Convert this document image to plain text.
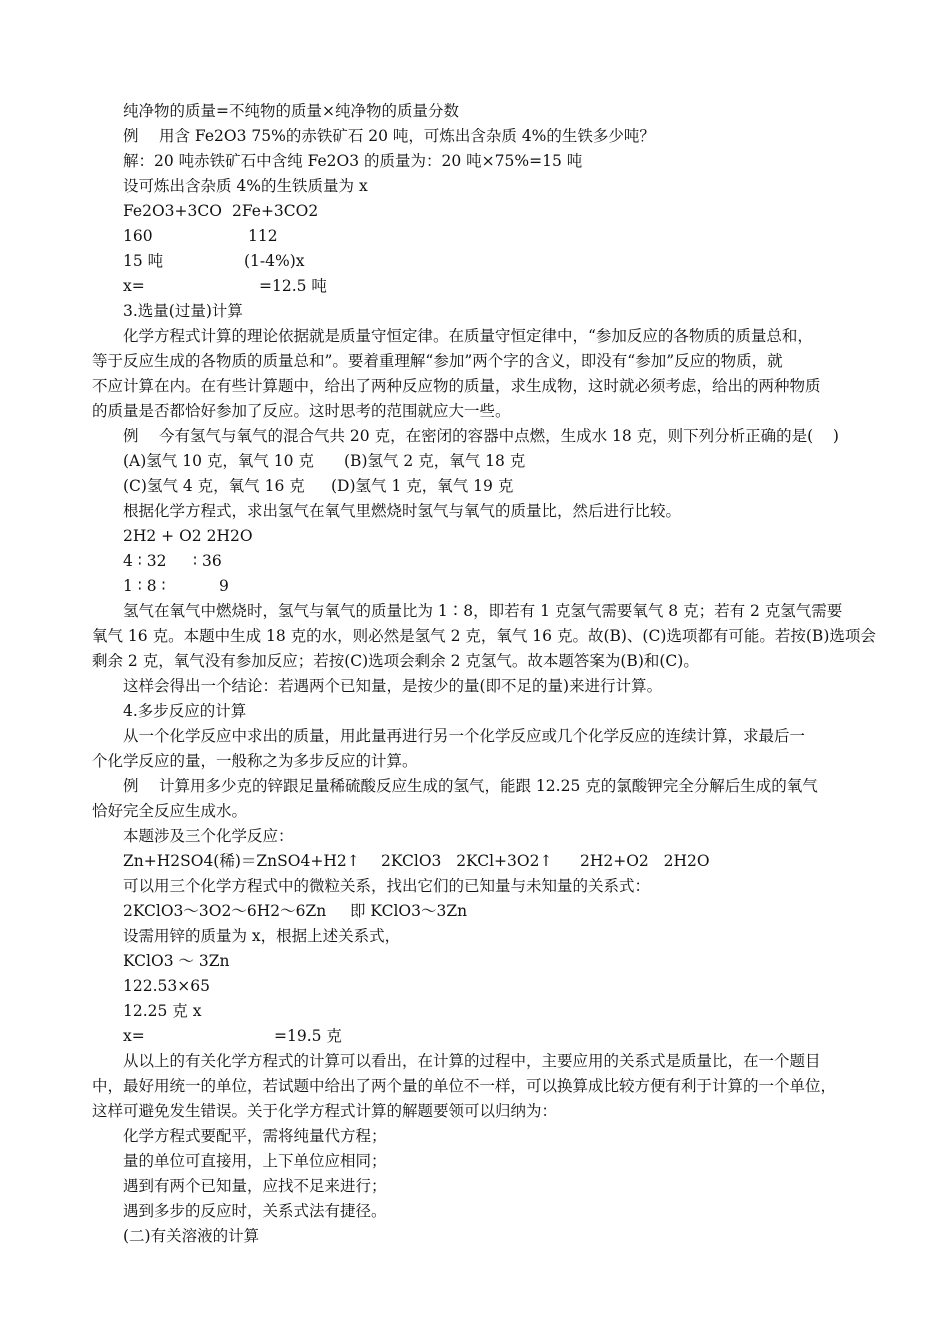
纯净物的质量=不纯物的质量×纯净物的质量分数

例

用含 Fe2O3 75%的赤铁矿石 20 吨，可炼出含杂质 4%的生铁多少吨？

解：20 吨赤铁矿石中含纯 Fe2O3 的质量为：20 吨×75%=15 吨
设可炼出含杂质 4%的生铁质量为 x

Fe2O3+3CO

2Fe+3CO2

160

	112

15 吨

	(1-4%)x

x=

	=12.5 吨

3.选量(过量)计算
化学方程式计算的理论依据就是质量守恒定律。在质量守恒定律中，“参加反应的各物质的质量总和，
等于反应生成的各物质的质量总和”。要着重理解“参加”两个字的含义，即没有“参加”反应的物质，就
不应计算在内。在有些计算题中，给出了两种反应物的质量，求生成物，这时就必须考虑，给出的两种物质
的质量是否都恰好参加了反应。这时思考的范围就应大一些。

例

今有氢气与氧气的混合气共 20 克，在密闭的容器中点燃，生成水 18 克，则下列分析正确的是(    )

(A)氢气 10 克，氧气 10 克

(B)氢气 2 克，氧气 18 克

(C)氢气 4 克，氧气 16 克

(D)氢气 1 克，氧气 19 克

根据化学方程式，求出氢气在氧气里燃烧时氢气与氧气的质量比，然后进行比较。
2H2 + O2 2H2O

4 ∶ 32

∶ 36

1 ∶ 8 ∶

	9

氢气在氧气中燃烧时，氢气与氧气的质量比为 1∶8，即若有 1 克氢气需要氧气 8 克；若有 2 克氢气需要
氧气 16 克。本题中生成 18 克的水，则必然是氢气 2 克，氧气 16 克。故(B)、(C)选项都有可能。若按(B)选项会
剩余 2 克，氧气没有参加反应；若按(C)选项会剩余 2 克氢气。故本题答案为(B)和(C)。
这样会得出一个结论：若遇两个已知量，是按少的量(即不足的量)来进行计算。
4.多步反应的计算
从一个化学反应中求出的质量，用此量再进行另一个化学反应或几个化学反应的连续计算，求最后一
个化学反应的量，一般称之为多步反应的计算。

例

计算用多少克的锌跟足量稀硫酸反应生成的氢气，能跟 12.25 克的氯酸钾完全分解后生成的氧气

恰好完全反应生成水。
本题涉及三个化学反应：

Zn+H2SO4(稀)＝ZnSO4+H2↑

2KClO3   2KCl+3O2↑

2H2+O2   2H2O

可以用三个化学方程式中的微粒关系，找出它们的已知量与未知量的关系式：

2KClO3～3O2～6H2～6Zn

即 KClO3～3Zn

设需用锌的质量为 x，根据上述关系式，
KClO3 ～ 3Zn
122.53×65
12.25 克 x

x=

	=19.5 克

从以上的有关化学方程式的计算可以看出，在计算的过程中，主要应用的关系式是质量比，在一个题目
中，最好用统一的单位，若试题中给出了两个量的单位不一样，可以换算成比较方便有利于计算的一个单位，
这样可避免发生错误。关于化学方程式计算的解题要领可以归纳为：
化学方程式要配平，需将纯量代方程；
量的单位可直接用，上下单位应相同；
遇到有两个已知量，应找不足来进行；
遇到多步的反应时，关系式法有捷径。
(二)有关溶液的计算
